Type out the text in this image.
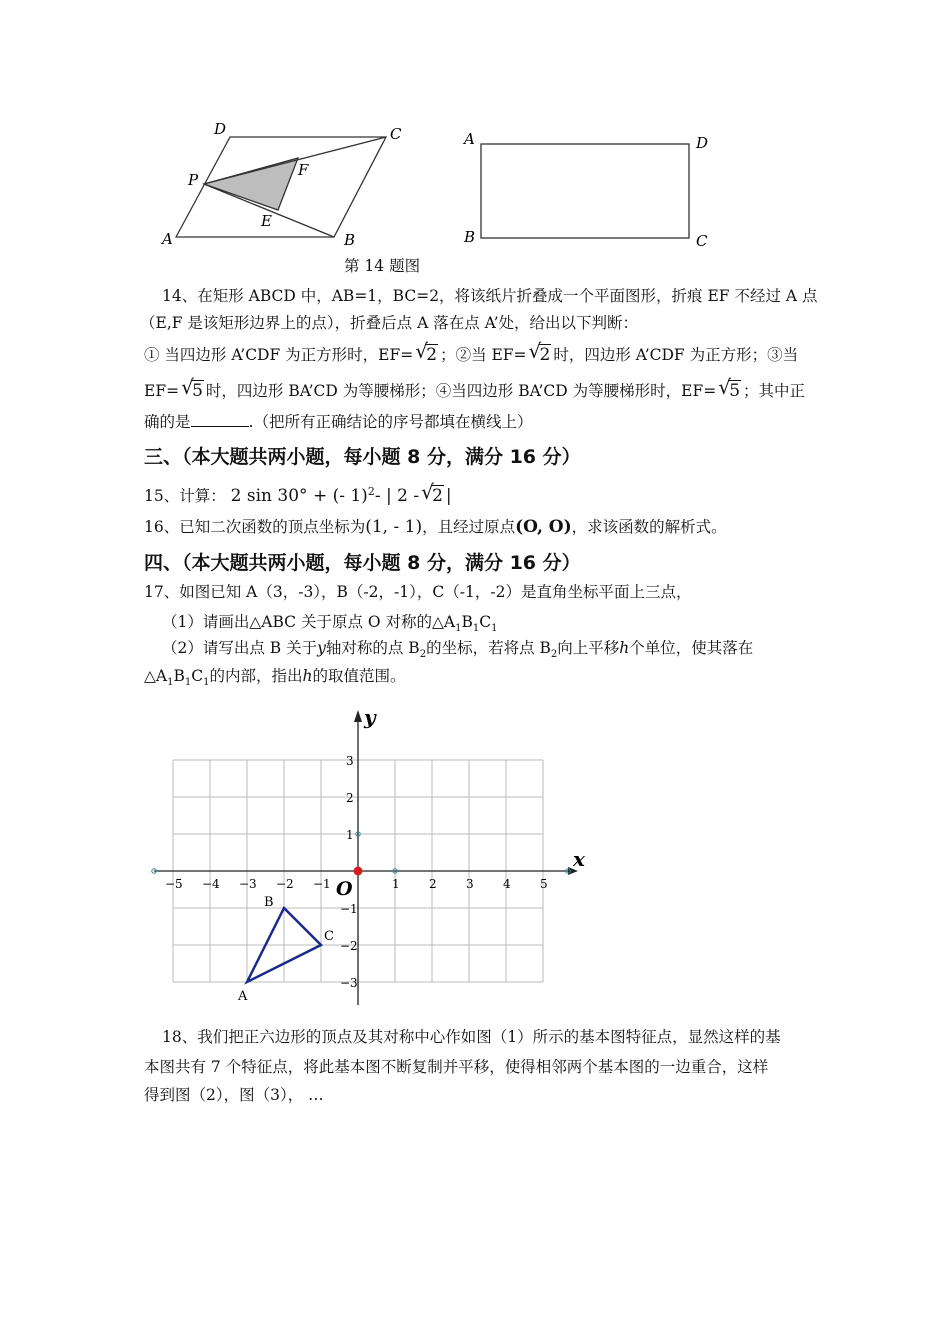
D	C
P
F
E
A	B
A	D
B	C
第 14 题图
14、在矩形 ABCD 中，AB=1，BC=2，将该纸片折叠成一个平面图形，折痕 EF 不经过 A 点
（E,F 是该矩形边界上的点），折叠后点 A 落在点 A’处，给出以下判断：
① 当四边形 A’CDF 为正方形时，EF= √
2 ；②当 EF= √
2 时，四边形 A’CDF 为正方形；③当
EF= √
5 时，四边形 BA’CD 为等腰梯形；④当四边形 BA’CD 为等腰梯形时，EF= √
5 ；其中正
确的是	.（把所有正确结论的序号都填在横线上）
三、（本大题共两小题，每小题 8 分，满分 16 分）
15、计算： 2 sin 30° + (- 1)$^2$- | 2 - √
2 |
16、已知二次函数的顶点坐标为(1, - 1)，且经过原点(O, O)，求该函数的解析式。
四、（本大题共两小题，每小题 8 分，满分 16 分）
17、如图已知 A（3，-3），B（-2，-1），C（-1，-2）是直角坐标平面上三点，
（1）请画出△ABC 关于原点 O 对称的$\triangle A_1B_1C_1$
（2）请写出点 B 关于y轴对称的点 $B_2$的坐标，若将点 $B_2$向上平移h个单位，使其落在
$\triangle A_1B_1C_1$的内部，指出h的取值范围。
x
y
O
−5 −4 −3 −2 −1	1 2 3 4 5
3
2
1
−1
−2
−3
A
B
C
18、我们把正六边形的顶点及其对称中心作如图（1）所示的基本图特征点，显然这样的基
本图共有 7 个特征点，将此基本图不断复制并平移，使得相邻两个基本图的一边重合，这样
得到图（2），图（3）， …
